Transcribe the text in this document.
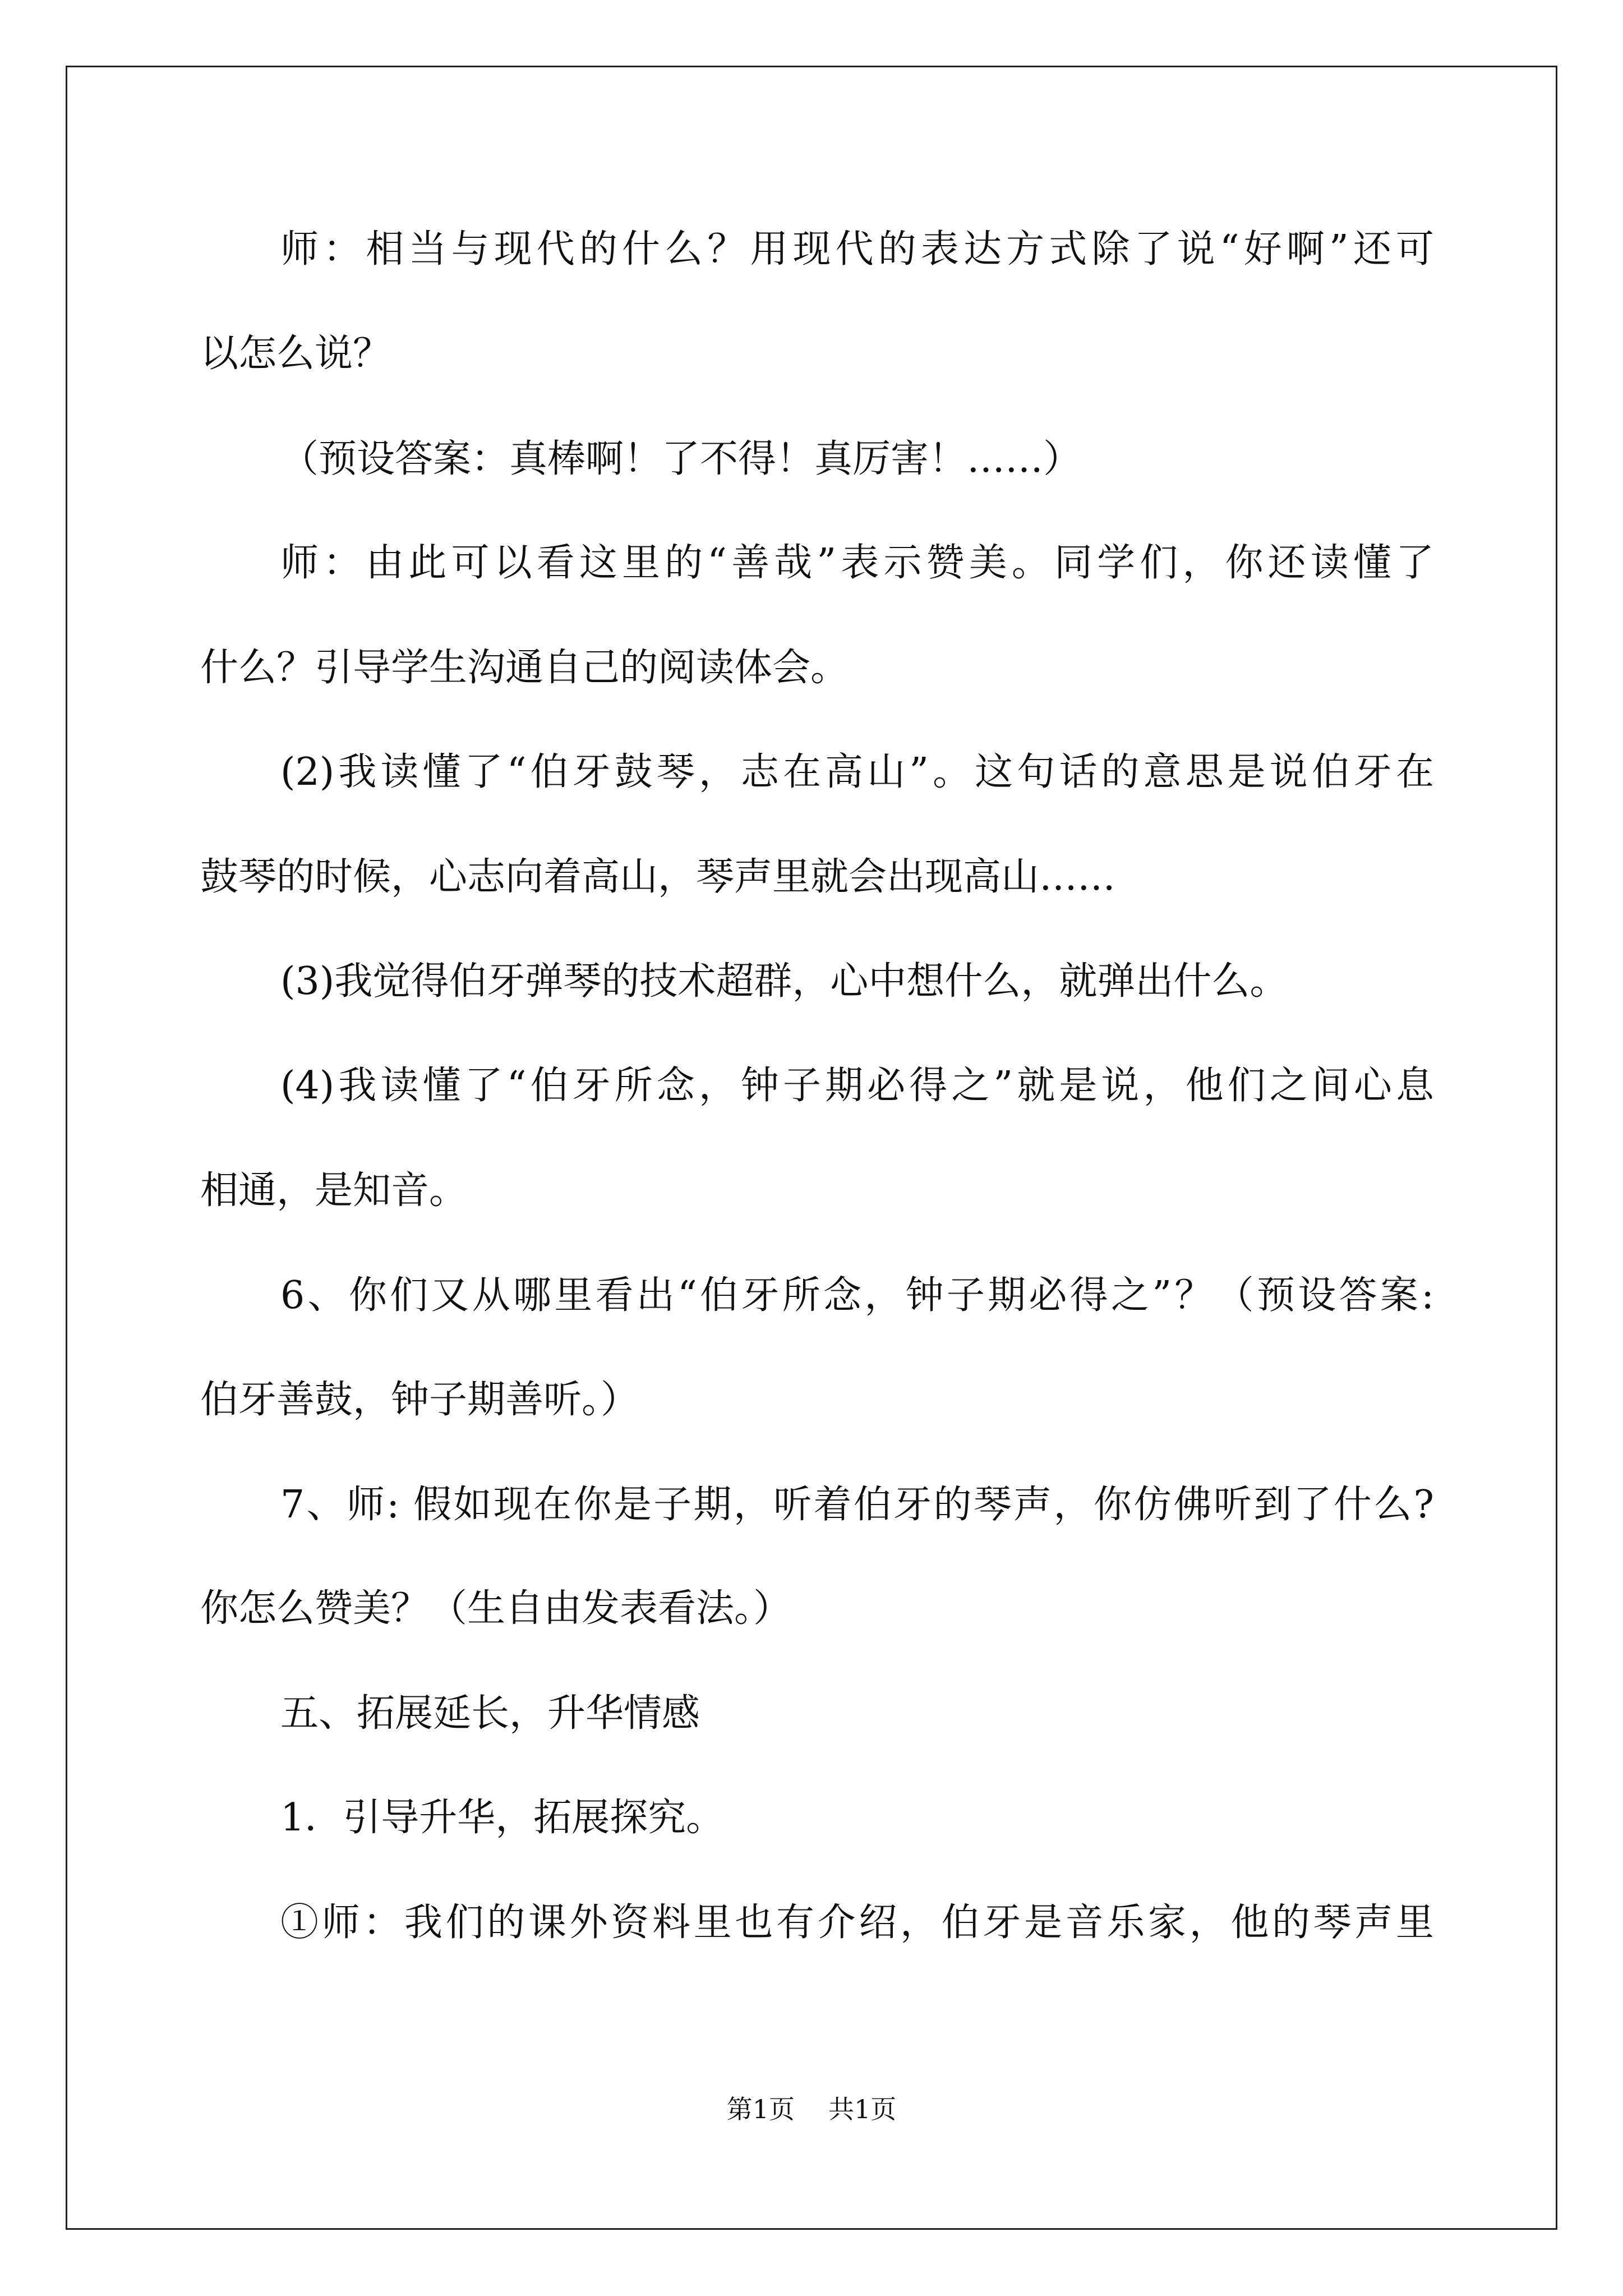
师：相当与现代的什么？用现代的表达方式除了说“好啊”还可
以怎么说？
（预设答案：真棒啊！了不得！真厉害！……）
师：由此可以看这里的“善哉”表示赞美。同学们，你还读懂了
什么？引导学生沟通自己的阅读体会。
(2)我读懂了“伯牙鼓琴，志在高山”。这句话的意思是说伯牙在
鼓琴的时候，心志向着高山，琴声里就会出现高山……
(3)我觉得伯牙弹琴的技术超群，心中想什么，就弹出什么。
(4)我读懂了“伯牙所念，钟子期必得之”就是说，他们之间心息
相通，是知音。
6、你们又从哪里看出“伯牙所念，钟子期必得之”？（预设答案:
伯牙善鼓，钟子期善听。）
7、师: 假如现在你是子期，听着伯牙的琴声，你仿佛听到了什么?
你怎么赞美？（生自由发表看法。）
五、拓展延长，升华情感
1．引导升华，拓展探究。
①师：我们的课外资料里也有介绍，伯牙是音乐家，他的琴声里
第1页 共1页
